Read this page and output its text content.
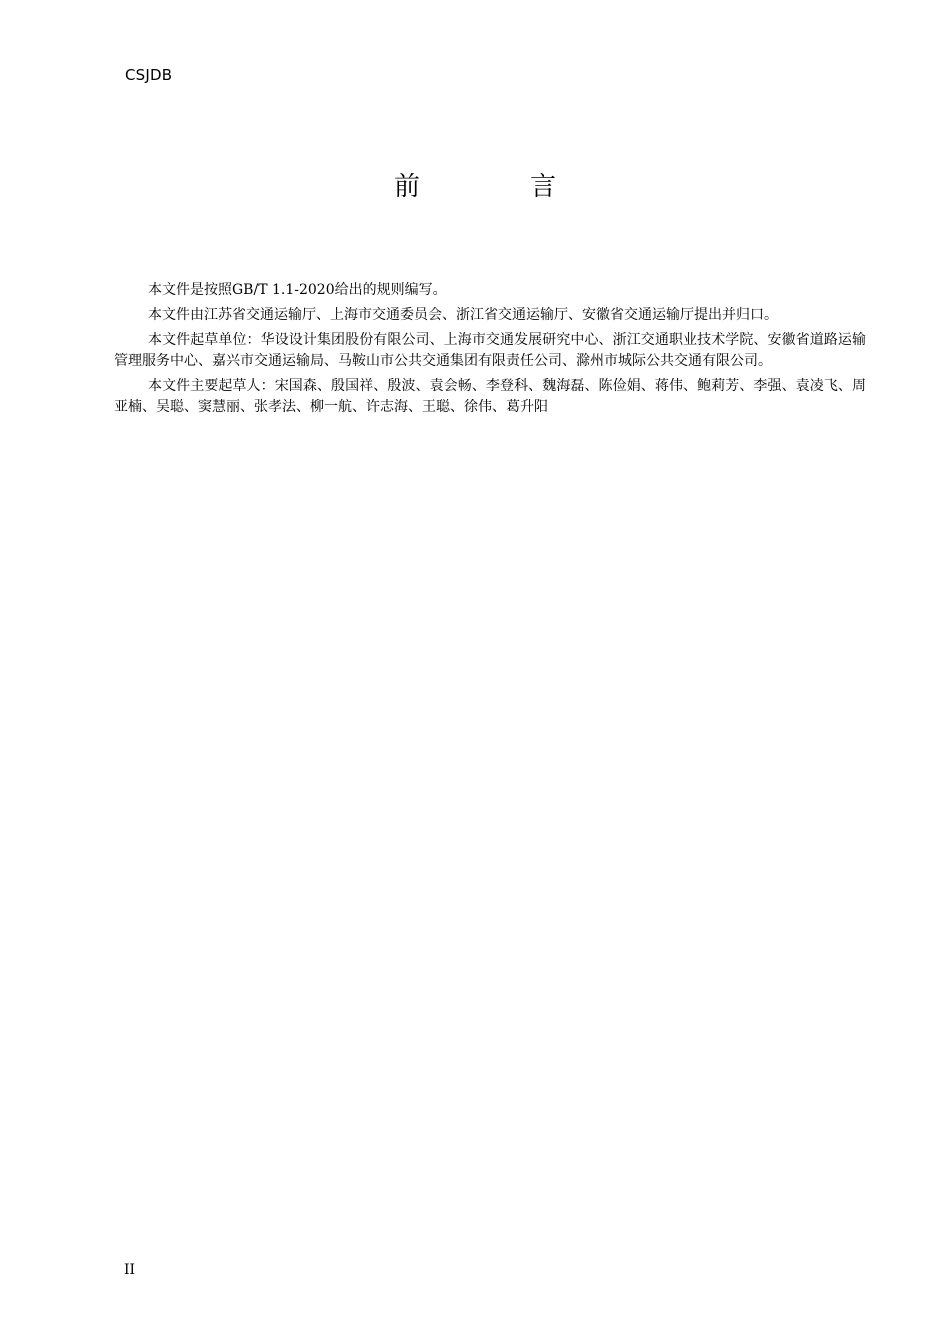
CSJDB
前　言

本文件是按照GB/T 1.1-2020给出的规则编写。

本文件由江苏省交通运输厅、上海市交通委员会、浙江省交通运输厅、安徽省交通运输厅提出并归口。

本文件起草单位：华设设计集团股份有限公司、上海市交通发展研究中心、浙江交通职业技术学院、安徽省道路运输管理服务中心、嘉兴市交通运输局、马鞍山市公共交通集团有限责任公司、滁州市城际公共交通有限公司。

本文件主要起草人：宋国森、殷国祥、殷波、袁会畅、李登科、魏海磊、陈俭娟、蒋伟、鲍莉芳、李强、袁凌飞、周亚楠、吴聪、窦慧丽、张孝法、柳一航、许志海、王聪、徐伟、葛升阳

II
